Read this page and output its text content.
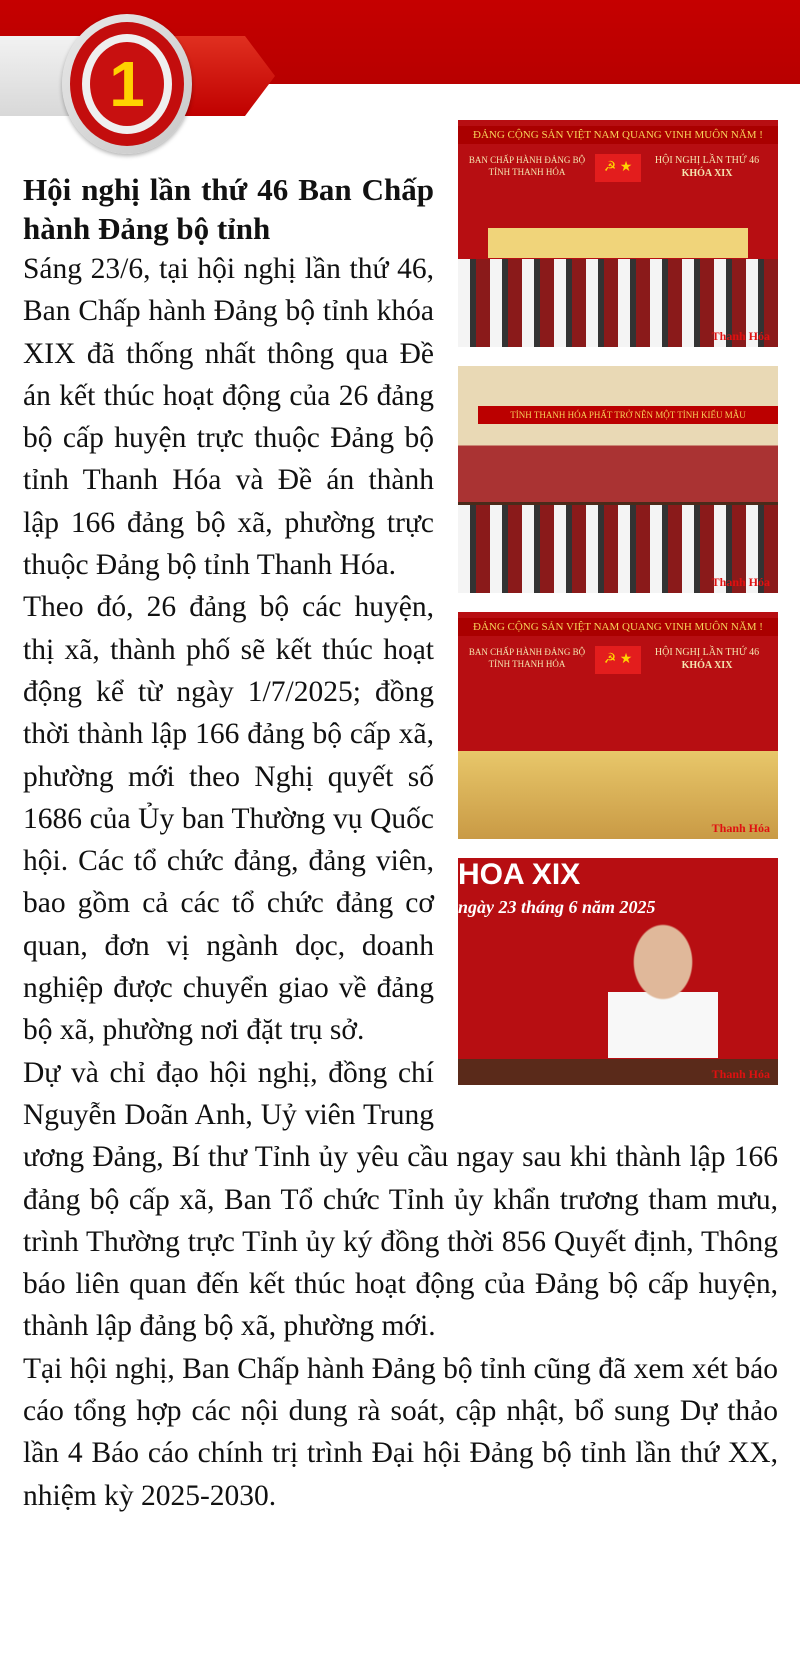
1
ĐẢNG CỘNG SẢN VIỆT NAM QUANG VINH MUÔN NĂM !
BAN CHẤP HÀNH ĐẢNG BỘ TỈNH THANH HÓA	☭ ★	HỘI NGHỊ LẦN THỨ 46
KHÓA XIX
Thanh Hóa
TỈNH THANH HÓA PHẤT TRỞ NÊN MỘT TỈNH KIỂU MẪU
Thanh Hóa
ĐẢNG CỘNG SẢN VIỆT NAM QUANG VINH MUÔN NĂM !
BAN CHẤP HÀNH ĐẢNG BỘ TỈNH THANH HÓA	☭ ★	HỘI NGHỊ LẦN THỨ 46
KHÓA XIX
Thanh Hóa
HOA XIX
ngày 23 tháng 6 năm 2025
Thanh Hóa
Hội nghị lần thứ 46 Ban Chấp hành Đảng bộ tỉnh

Sáng 23/6, tại hội nghị lần thứ 46, Ban Chấp hành Đảng bộ tỉnh khóa XIX đã thống nhất thông qua Đề án kết thúc hoạt động của 26 đảng bộ cấp huyện trực thuộc Đảng bộ tỉnh Thanh Hóa và Đề án thành lập 166 đảng bộ xã, phường trực thuộc Đảng bộ tỉnh Thanh Hóa.

Theo đó, 26 đảng bộ các huyện, thị xã, thành phố sẽ kết thúc hoạt động kể từ ngày 1/7/2025; đồng thời thành lập 166 đảng bộ cấp xã, phường mới theo Nghị quyết số 1686 của Ủy ban Thường vụ Quốc hội. Các tổ chức đảng, đảng viên, bao gồm cả các tổ chức đảng cơ quan, đơn vị ngành dọc, doanh nghiệp được chuyển giao về đảng bộ xã, phường nơi đặt trụ sở.

Dự và chỉ đạo hội nghị, đồng chí Nguyễn Doãn Anh, Uỷ viên Trung ương Đảng, Bí thư Tỉnh ủy yêu cầu ngay sau khi thành lập 166 đảng bộ cấp xã, Ban Tổ chức Tỉnh ủy khẩn trương tham mưu, trình Thường trực Tỉnh ủy ký đồng thời 856 Quyết định, Thông báo liên quan đến kết thúc hoạt động của Đảng bộ cấp huyện, thành lập đảng bộ xã, phường mới.

Tại hội nghị, Ban Chấp hành Đảng bộ tỉnh cũng đã xem xét báo cáo tổng hợp các nội dung rà soát, cập nhật, bổ sung Dự thảo lần 4 Báo cáo chính trị trình Đại hội Đảng bộ tỉnh lần thứ XX, nhiệm kỳ 2025-2030.
